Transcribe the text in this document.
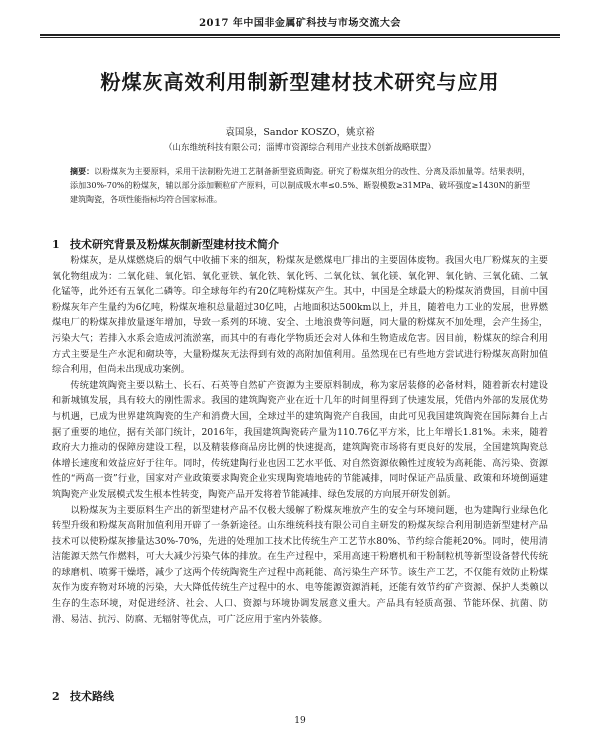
2017 年中国非金属矿科技与市场交流大会
粉煤灰高效利用制新型建材技术研究与应用
袁国泉，Sandor KOSZO，姚京裕
（山东维统科技有限公司；淄博市资源综合利用产业技术创新战略联盟）
摘要：以粉煤灰为主要原料，采用干法制粉先进工艺制备新型瓷质陶瓷。研究了粉煤灰组分的改性、分离及添加量等。结果表明，添加30%-70%的粉煤灰，辅以部分添加颗粒矿产原料，可以制成吸水率≤0.5%、断裂模数≥31MPa、破坏强度≥1430N的新型建筑陶瓷，各项性能指标均符合国家标准。
1 技术研究背景及粉煤灰制新型建材技术简介

粉煤灰，是从煤燃烧后的烟气中收捕下来的细灰，粉煤灰是燃煤电厂排出的主要固体废物。我国火电厂粉煤灰的主要氧化物组成为：二氧化硅、氧化铝、氧化亚铁、氧化铁、氧化钙、二氧化钛、氧化镁、氧化钾、氧化钠、三氧化硫、二氧化锰等，此外还有五氧化二磷等。印全球每年约有20亿吨粉煤灰产生。其中，中国是全球最大的粉煤灰消费国，目前中国粉煤灰年产生量约为6亿吨，粉煤灰堆积总量超过30亿吨，占地面积达500km以上，并且，随着电力工业的发展，世界燃煤电厂的粉煤灰排放量逐年增加，导致一系列的环境、安全、土地浪费等问题，同大量的粉煤灰不加处理，会产生扬尘，污染大气；若排入水系会造成河流淤塞，而其中的有毒化学物质还会对人体和生物造成危害。因目前，粉煤灰的综合利用方式主要是生产水泥和砌块等，大量粉煤灰无法得到有效的高附加值利用。虽然现在已有些地方尝试进行粉煤灰高附加值综合利用，但尚未出现成功案例。

传统建筑陶瓷主要以粘土、长石、石英等自然矿产资源为主要原料制成，称为家居装修的必备材料，随着新农村建设和新城镇发展，具有较大的刚性需求。我国的建筑陶瓷产业在近十几年的时间里得到了快速发展，凭借内外部的发展优势与机遇，已成为世界建筑陶瓷的生产和消费大国，全球过半的建筑陶瓷产自我国，由此可见我国建筑陶瓷在国际舞台上占据了重要的地位，据有关部门统计，2016年，我国建筑陶瓷砖产量为110.76亿平方米，比上年增长1.81%。未来，随着政府大力推动的保障房建设工程，以及精装修商品房比例的快速提高，建筑陶瓷市场将有更良好的发展，全国建筑陶瓷总体增长速度和效益应好于往年。同时，传统建陶行业也因工艺水平低、对自然资源依赖性过度较为高耗能、高污染、资源性的“两高一资”行业，国家对产业政策要求陶瓷企业实现陶瓷墙地砖的节能减排，同时保证产品质量、政策和环境倒逼建筑陶瓷产业发展模式发生根本性转变，陶瓷产品开发将着节能减排、绿色发展的方向展开研发创新。

以粉煤灰为主要原料生产出的新型建材产品不仅极大缓解了粉煤灰堆放产生的安全与环境问题，也为建陶行业绿色化转型升级和粉煤灰高附加值利用开辟了一条新途径。山东维统科技有限公司自主研发的粉煤灰综合利用制造新型建材产品技术可以使粉煤灰掺量达30%-70%，先进的处理加工技术比传统生产工艺节水80%、节约综合能耗20%。同时，使用清洁能源天然气作燃料，可大大减少污染气体的排放。在生产过程中，采用高速干粉磨机和干粉制粒机等新型设备替代传统的球磨机、喷雾干燥塔，减少了这两个传统陶瓷生产过程中高耗能、高污染生产环节。该生产工艺，不仅能有效防止粉煤灰作为废弃物对环境的污染，大大降低传统生产过程中的水、电等能源资源消耗，还能有效节约矿产资源、保护人类赖以生存的生态环境，对促进经济、社会、人口、资源与环境协调发展意义重大。产品具有轻质高强、节能环保、抗菌、防滑、易洁、抗污、防腐、无辐射等优点，可广泛应用于室内外装修。

2 技术路线
19
